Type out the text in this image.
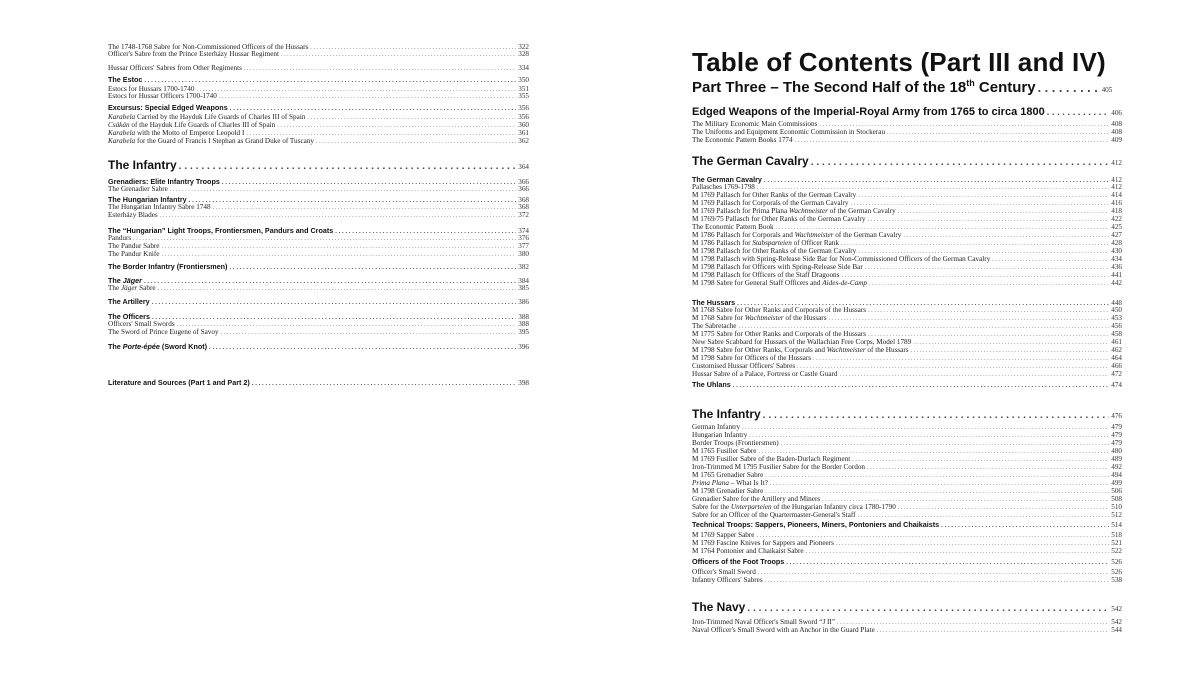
The 1748-1768 Sabre for Non-Commissioned Officers of the Hussars . . .	322
Officer's Sabre from the Prince Esterházy Hussar Regiment . . .	328
Hussar Officers' Sabres from Other Regiments . . .	334
The Estoc . . .	350
Estocs for Hussars 1700-1740 . . .	351
Estocs for Hussar Officers 1700-1740 . . .	355
Excursus: Special Edged Weapons . . .	356
Karabela Carried by the Hayduk Life Guards of Charles III of Spain . . .	356
Csákán of the Hayduk Life Guards of Charles III of Spain . . .	360
Karabela with the Motto of Emperor Leopold I . . .	361
Karabela for the Guard of Francis I Stephan as Grand Duke of Tuscany . . .	362
The Infantry . . .	364
Grenadiers: Elite Infantry Troops . . .	366
The Grenadier Sabre . . .	366
The Hungarian Infantry . . .	368
The Hungarian Infantry Sabre 1748 . . .	368
Esterházy Blades . . .	372
The “Hungarian” Light Troops, Frontiersmen, Pandurs and Croats . . .	374
Pandurs . . .	376
The Pandur Sabre . . .	377
The Pandur Knife . . .	380
The Border Infantry (Frontiersmen) . . .	382
The Jäger . . .	384
The Jäger Sabre . . .	385
The Artillery . . .	386
The Officers . . .	388
Officers' Small Swords . . .	388
The Sword of Prince Eugene of Savoy . . .	395
The Porte-épée (Sword Knot) . . .	396
Literature and Sources (Part 1 and Part 2) . . .	398
Part Three – The Second Half of the 18th Century . . .	405
Edged Weapons of the Imperial-Royal Army from 1765 to circa 1800 . . .	406
The Military Economic Main Commissions . . .	408
The Uniforms and Equipment Economic Commission in Stockerau . . .	408
The Economic Pattern Books 1774 . . .	409
The German Cavalry . . .	412
The German Cavalry . . .	412
Pallasches 1769-1798 . . .	412
M 1769 Pallasch for Other Ranks of the German Cavalry . . .	414
M 1769 Pallasch for Corporals of the German Cavalry . . .	416
M 1769 Pallasch for Prima Plana Wachtmeister of the German Cavalry . . .	418
M 1769/75 Pallasch for Other Ranks of the German Cavalry . . .	422
The Economic Pattern Book . . .	425
M 1786 Pallasch for Corporals and Wachtmeister of the German Cavalry . . .	427
M 1786 Pallasch for Stabsparteien of Officer Rank . . .	428
M 1798 Pallasch for Other Ranks of the German Cavalry . . .	430
M 1798 Pallasch with Spring-Release Side Bar for Non-Commissioned Officers of the German Cavalry . . .	434
M 1798 Pallasch for Officers with Spring-Release Side Bar . . .	436
M 1798 Pallasch for Officers of the Staff Dragoons . . .	441
M 1798 Sabre for General Staff Officers and Aides-de-Camp . . .	442
The Hussars . . .	448
M 1768 Sabre for Other Ranks and Corporals of the Hussars . . .	450
M 1768 Sabre for Wachtmeister of the Hussars . . .	453
The Sabretache . . .	456
M 1775 Sabre for Other Ranks and Corporals of the Hussars . . .	458
New Sabre Scabbard for Hussars of the Wallachian Free Corps, Model 1789 . . .	461
M 1798 Sabre for Other Ranks, Corporals and Wachtmeister of the Hussars . . .	462
M 1798 Sabre for Officers of the Hussars . . .	464
Customised Hussar Officers' Sabres . . .	466
Hussar Sabre of a Palace, Fortress or Castle Guard . . .	472
The Uhlans . . .	474
The Infantry . . .	476
German Infantry . . .	479
Hungarian Infantry . . .	479
Border Troops (Frontiersmen) . . .	479
M 1765 Fusilier Sabre . . .	480
M 1769 Fusilier Sabre of the Baden-Durlach Regiment . . .	489
Iron-Trimmed M 1795 Fusilier Sabre for the Border Cordon . . .	492
M 1765 Grenadier Sabre . . .	494
Prima Plana – What Is It? . . .	499
M 1798 Grenadier Sabre . . .	506
Grenadier Sabre for the Artillery and Miners . . .	508
Sabre for the Unterparteien of the Hungarian Infantry circa 1780-1790 . . .	510
Sabre for an Officer of the Quartermaster-General's Staff . . .	512
Technical Troops: Sappers, Pioneers, Miners, Pontoniers and Chaikaists . . .	514
M 1769 Sapper Sabre . . .	518
M 1769 Fascine Knives for Sappers and Pioneers . . .	521
M 1764 Pontonier and Chaikaist Sabre . . .	522
Officers of the Foot Troops . . .	526
Officer's Small Sword . . .	526
Infantry Officers' Sabres . . .	538
The Navy . . .	542
Iron-Trimmed Naval Officer's Small Sword “J II” . . .	542
Naval Officer's Small Sword with an Anchor in the Guard Plate . . .	544
Table of Contents (Part III and IV)
